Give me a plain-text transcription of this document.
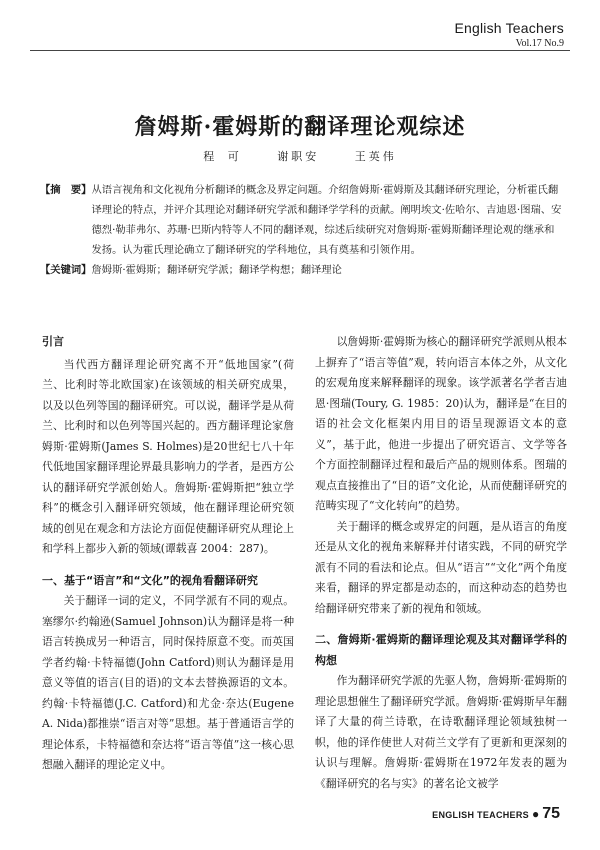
English Teachers
Vol.17 No.9
詹姆斯·霍姆斯的翻译理论观综述
程 可	谢职安	王英伟
【摘　要】 从语言视角和文化视角分析翻译的概念及界定问题。介绍詹姆斯·霍姆斯及其翻译研究理论，分析霍氏翻译理论的特点，并评介其理论对翻译研究学派和翻译学学科的贡献。阐明埃文·佐哈尔、吉迪恩·图瑞、安德烈·勒菲弗尔、苏珊·巴斯内特等人不同的翻译观，综述后续研究对詹姆斯·霍姆斯翻译理论观的继承和发扬。认为霍氏理论确立了翻译研究的学科地位，具有奠基和引领作用。
【关键词】 詹姆斯·霍姆斯；翻译研究学派；翻译学构想；翻译理论
引言

当代西方翻译理论研究离不开“低地国家”(荷兰、比利时等北欧国家)在该领域的相关研究成果，以及以色列等国的翻译研究。可以说，翻译学是从荷兰、比利时和以色列等国兴起的。西方翻译理论家詹姆斯·霍姆斯(James S. Holmes)是20世纪七八十年代低地国家翻译理论界最具影响力的学者，是西方公认的翻译研究学派创始人。詹姆斯·霍姆斯把“独立学科”的概念引入翻译研究领域，他在翻译理论研究领域的创见在观念和方法论方面促使翻译研究从理论上和学科上都步入新的领域(谭载喜 2004：287)。

一、基于“语言”和“文化”的视角看翻译研究

关于翻译一词的定义，不同学派有不同的观点。塞缪尔·约翰逊(Samuel Johnson)认为翻译是将一种语言转换成另一种语言，同时保持原意不变。而英国学者约翰·卡特福德(John Catford)则认为翻译是用意义等值的语言(目的语)的文本去替换源语的文本。约翰·卡特福德(J.C. Catford)和尤金·奈达(Eugene A. Nida)都推崇“语言对等”思想。基于普通语言学的理论体系，卡特福德和奈达将“语言等值”这一核心思想融入翻译的理论定义中。

以詹姆斯·霍姆斯为核心的翻译研究学派则从根本上摒弃了“语言等值”观，转向语言本体之外，从文化的宏观角度来解释翻译的现象。该学派著名学者吉迪恩·图瑞(Toury, G. 1985：20)认为，翻译是“在目的语的社会文化框架内用目的语呈现源语文本的意义”，基于此，他进一步提出了研究语言、文学等各个方面控制翻译过程和最后产品的规则体系。图瑞的观点直接推出了“目的语”文化论，从而使翻译研究的范畴实现了“文化转向”的趋势。

关于翻译的概念或界定的问题，是从语言的角度还是从文化的视角来解释并付诸实践，不同的研究学派有不同的看法和论点。但从“语言”“文化”两个角度来看，翻译的界定都是动态的，而这种动态的趋势也给翻译研究带来了新的视角和领域。

二、詹姆斯·霍姆斯的翻译理论观及其对翻译学科的构想

作为翻译研究学派的先驱人物，詹姆斯·霍姆斯的理论思想催生了翻译研究学派。詹姆斯·霍姆斯早年翻译了大量的荷兰诗歌，在诗歌翻译理论领域独树一帜，他的译作使世人对荷兰文学有了更新和更深刻的认识与理解。詹姆斯·霍姆斯在1972年发表的题为《翻译研究的名与实》的著名论文被学

ENGLISH TEACHERS ● 75
